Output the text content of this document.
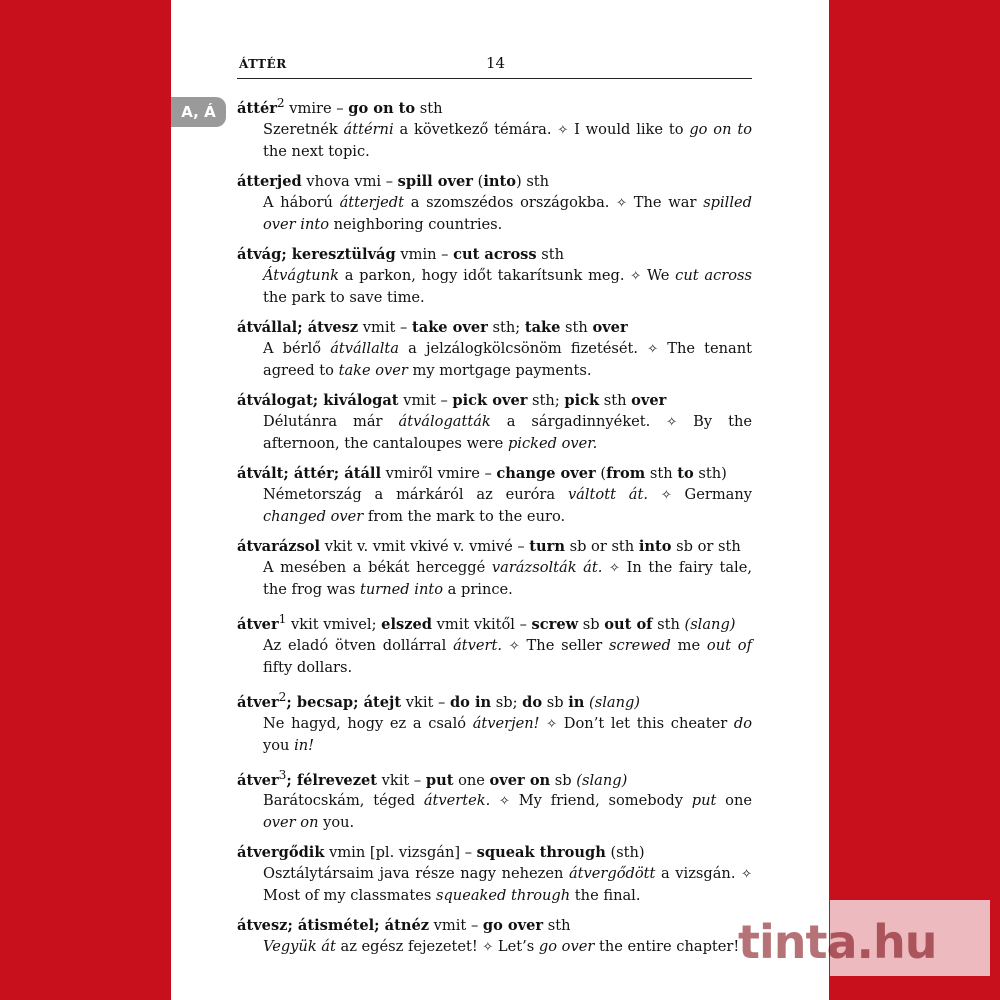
ÁTTÉR	14
A, Á	áttér$^2$ vmire – go on to sth
Szeretnék áttérni a következő témára. ✧ I would like to go on to the next topic.
átterjed vhova vmi – spill over (into) sth
A háború átterjedt a szomszédos országokba. ✧ The war spilled over into neighboring countries.
átvág; keresztülvág vmin – cut across sth
Átvágtunk a parkon, hogy időt takarítsunk meg. ✧ We cut across the park to save time.
átvállal; átvesz vmit – take over sth; take sth over
A bérlő átvállalta a jelzálogkölcsönöm fizetését. ✧ The tenant agreed to take over my mortgage payments.
átválogat; kiválogat vmit – pick over sth; pick sth over
Délutánra már átválogatták a sárgadinnyéket. ✧ By the afternoon, the cantaloupes were picked over.
átvált; áttér; átáll vmiről vmire – change over (from sth to sth)
Németország a márkáról az euróra váltott át. ✧ Germany changed over from the mark to the euro.
átvarázsol vkit v. vmit vkivé v. vmivé – turn sb or sth into sb or sth
A mesében a békát herceggé varázsolták át. ✧ In the fairy tale, the frog was turned into a prince.
átver$^1$ vkit vmivel; elszed vmit vkitől – screw sb out of sth (slang)
Az eladó ötven dollárral átvert. ✧ The seller screwed me out of fifty dollars.
átver$^2$; becsap; átejt vkit – do in sb; do sb in (slang)
Ne hagyd, hogy ez a csaló átverjen! ✧ Don’t let this cheater do you in!
átver$^3$; félrevezet vkit – put one over on sb (slang)
Barátocskám, téged átvertek. ✧ My friend, somebody put one over on you.
átvergődik vmin [pl. vizsgán] – squeak through (sth)
Osztálytársaim java része nagy nehezen átvergődött a vizsgán. ✧ Most of my classmates squeaked through the final.
átvesz; átismétel; átnéz vmit – go over sth
Vegyük át az egész fejezetet! ✧ Let’s go over the entire chapter!
tinta.hu
